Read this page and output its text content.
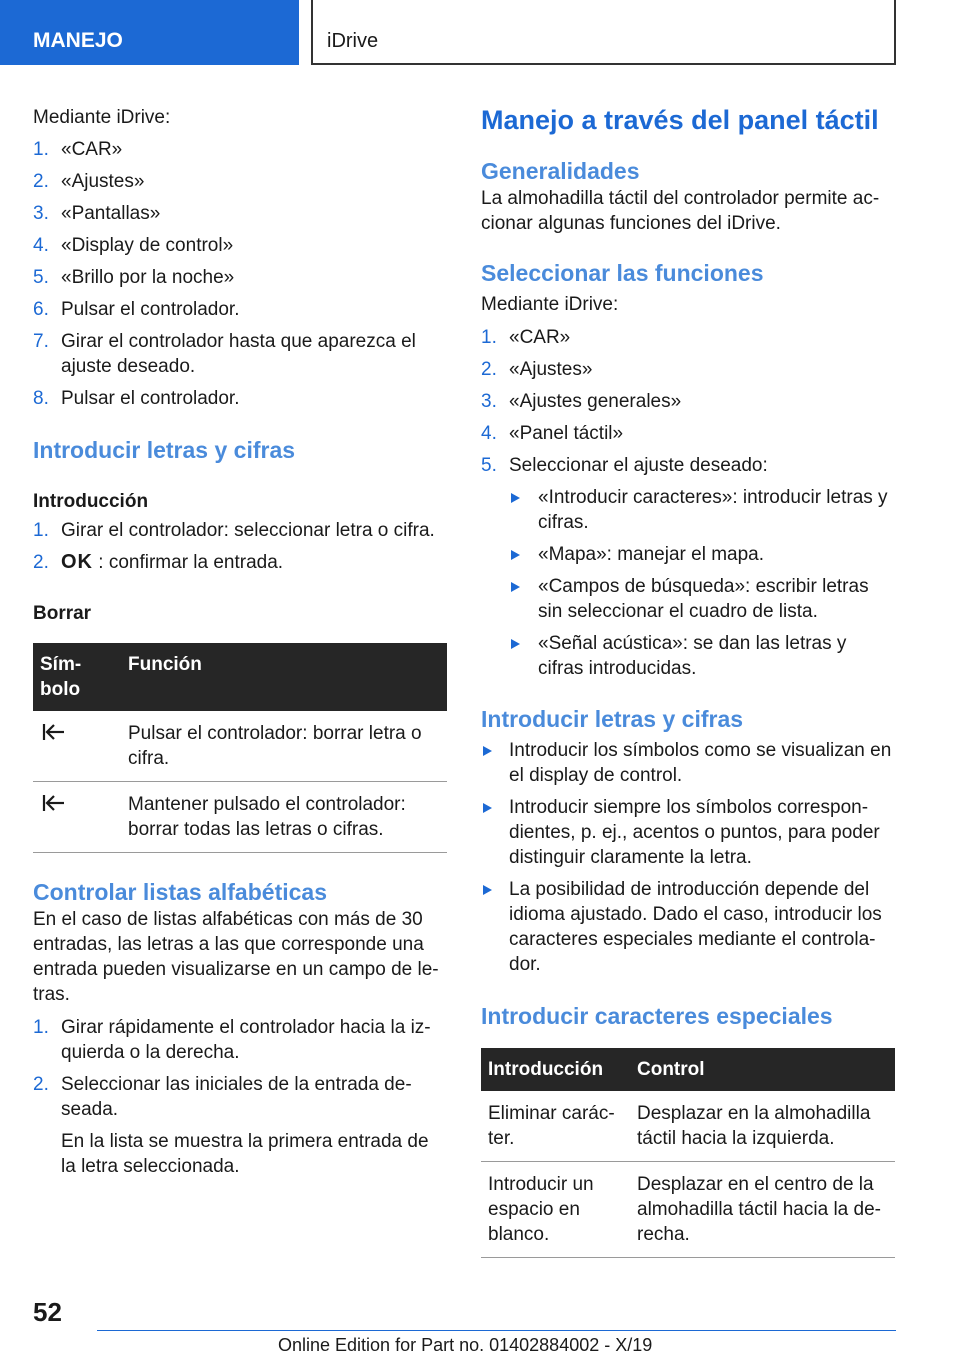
MANEJO	iDrive

Mediante iDrive:

1. «CAR»
2. «Ajustes»
3. «Pantallas»
4. «Display de control»
5. «Brillo por la noche»
6. Pulsar el controlador.
7. Girar el controlador hasta que aparezca el ajuste deseado.
8. Pulsar el controlador.
Introducir letras y cifras
Introducción
1. Girar el controlador: seleccionar letra o cifra.
2. OK : confirmar la entrada.
Borrar
Sím-bolo	Función
	Pulsar el controlador: borrar letra o cifra.
	Mantener pulsado el controlador: borrar todas las letras o cifras.
Controlar listas alfabéticas

En el caso de listas alfabéticas con más de 30 entradas, las letras a las que corresponde una entrada pueden visualizarse en un campo de le-tras.

1. Girar rápidamente el controlador hacia la iz-quierda o la derecha.
2. Seleccionar las iniciales de la entrada de-seada.

En la lista se muestra la primera entrada de la letra seleccionada.

Manejo a través del panel táctil
Generalidades

La almohadilla táctil del controlador permite ac-cionar algunas funciones del iDrive.

Seleccionar las funciones

Mediante iDrive:

1. «CAR»
2. «Ajustes»
3. «Ajustes generales»
4. «Panel táctil»
5. Seleccionar el ajuste deseado:
«Introducir caracteres»: introducir letras y cifras.
«Mapa»: manejar el mapa.
«Campos de búsqueda»: escribir letras sin seleccionar el cuadro de lista.
«Señal acústica»: se dan las letras y cifras introducidas.
Introducir letras y cifras
Introducir los símbolos como se visualizan en el display de control.
Introducir siempre los símbolos correspon-dientes, p. ej., acentos o puntos, para poder distinguir claramente la letra.
La posibilidad de introducción depende del idioma ajustado. Dado el caso, introducir los caracteres especiales mediante el controla-dor.
Introducir caracteres especiales
Introducción	Control
Eliminar carác-ter.	Desplazar en la almohadilla táctil hacia la izquierda.
Introducir un espacio en blanco.	Desplazar en el centro de la almohadilla táctil hacia la de-recha.
52
Online Edition for Part no. 01402884002 - X/19
